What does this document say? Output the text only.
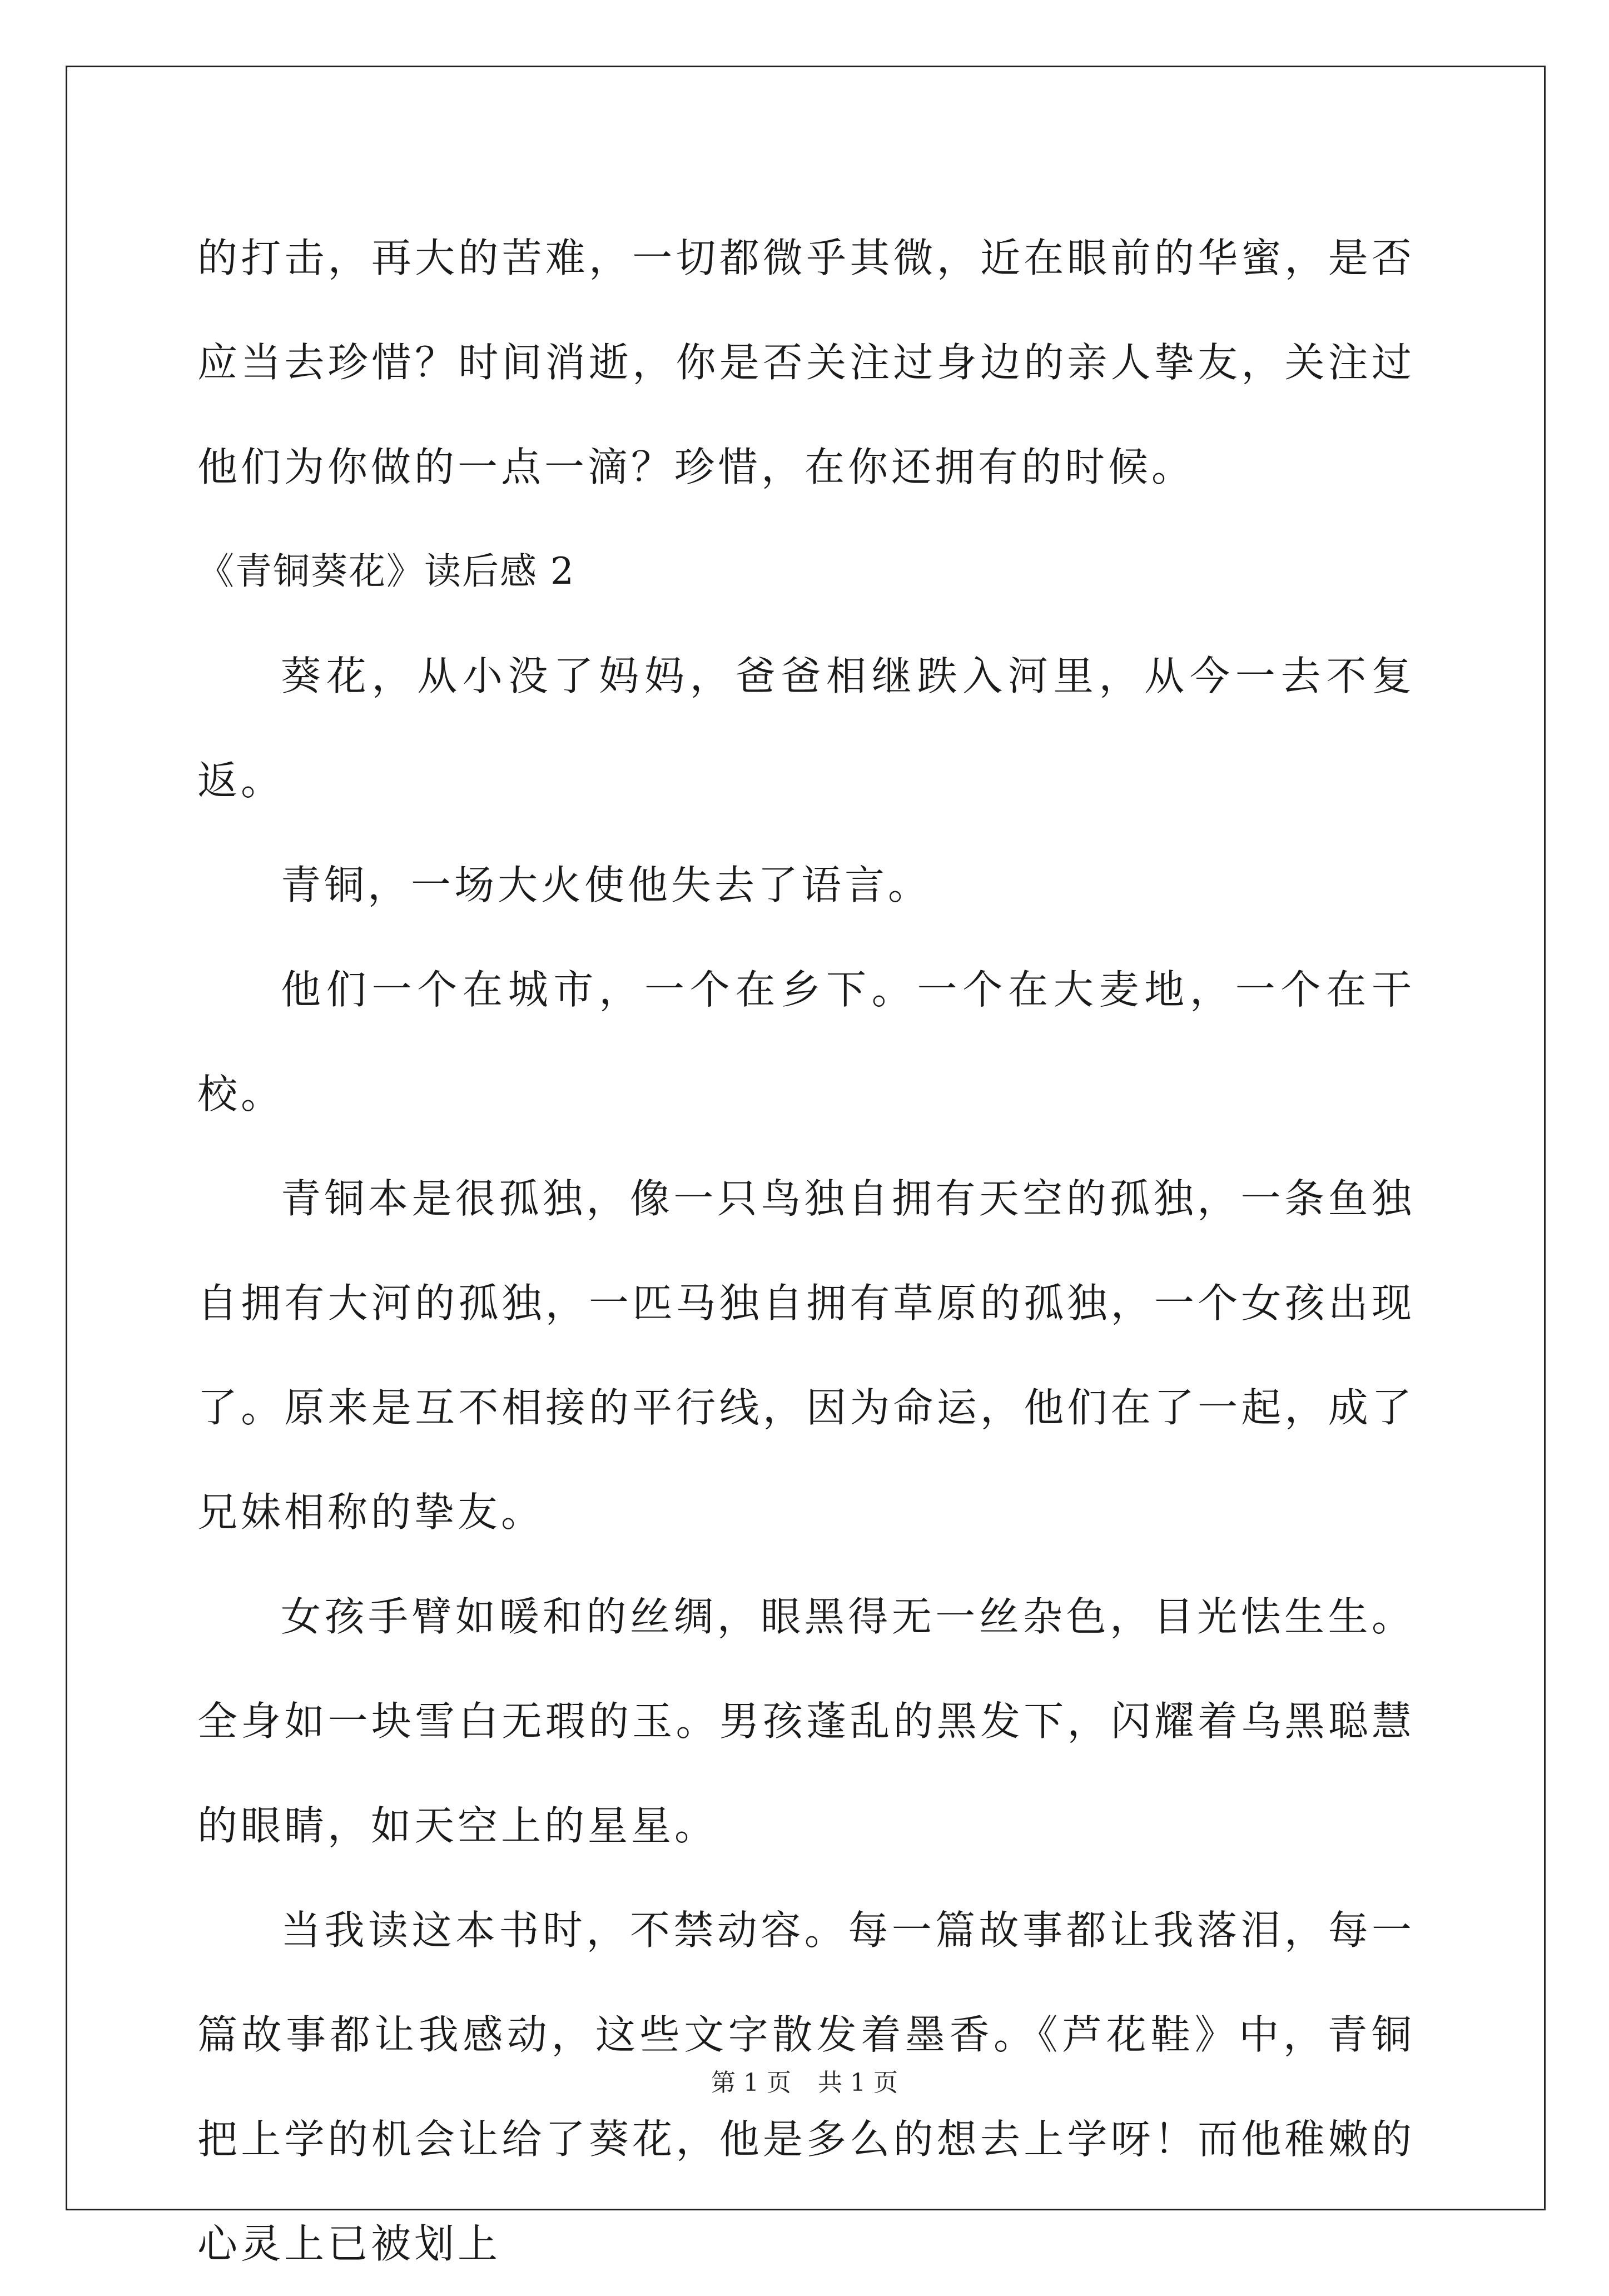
的打击，再大的苦难，一切都微乎其微，近在眼前的华蜜，是否应当去珍惜？时间消逝，你是否关注过身边的亲人挚友，关注过他们为你做的一点一滴？珍惜，在你还拥有的时候。

《青铜葵花》读后感 2

葵花，从小没了妈妈，爸爸相继跌入河里，从今一去不复返。

青铜，一场大火使他失去了语言。

他们一个在城市，一个在乡下。一个在大麦地，一个在干校。

青铜本是很孤独，像一只鸟独自拥有天空的孤独，一条鱼独自拥有大河的孤独，一匹马独自拥有草原的孤独，一个女孩出现了。原来是互不相接的平行线，因为命运，他们在了一起，成了兄妹相称的挚友。

女孩手臂如暖和的丝绸，眼黑得无一丝杂色，目光怯生生。全身如一块雪白无瑕的玉。男孩蓬乱的黑发下，闪耀着乌黑聪慧的眼睛，如天空上的星星。

当我读这本书时，不禁动容。每一篇故事都让我落泪，每一篇故事都让我感动，这些文字散发着墨香。《芦花鞋》中，青铜把上学的机会让给了葵花，他是多么的想去上学呀！而他稚嫩的心灵上已被划上

第 1 页 共 1 页
